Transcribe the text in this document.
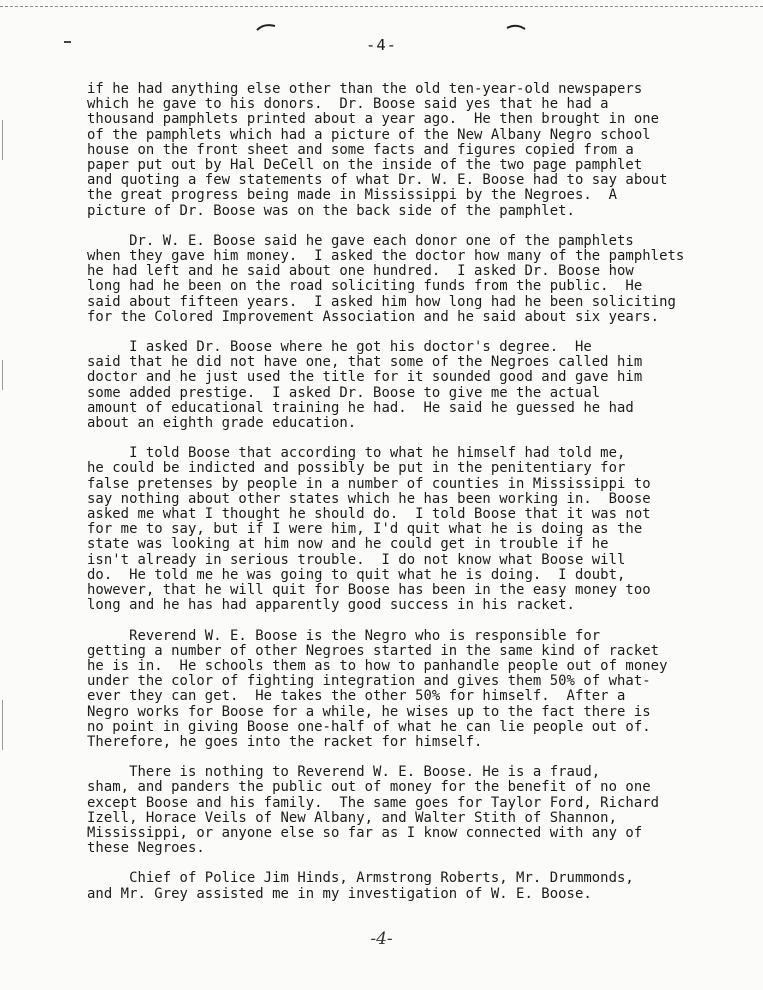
-4-
if he had anything else other than the old ten-year-old newspapers
which he gave to his donors.  Dr. Boose said yes that he had a
thousand pamphlets printed about a year ago.  He then brought in one
of the pamphlets which had a picture of the New Albany Negro school
house on the front sheet and some facts and figures copied from a
paper put out by Hal DeCell on the inside of the two page pamphlet
and quoting a few statements of what Dr. W. E. Boose had to say about
the great progress being made in Mississippi by the Negroes.  A
picture of Dr. Boose was on the back side of the pamphlet.
Dr. W. E. Boose said he gave each donor one of the pamphlets
when they gave him money.  I asked the doctor how many of the pamphlets
he had left and he said about one hundred.  I asked Dr. Boose how
long had he been on the road soliciting funds from the public.  He
said about fifteen years.  I asked him how long had he been soliciting
for the Colored Improvement Association and he said about six years.
I asked Dr. Boose where he got his doctor's degree.  He
said that he did not have one, that some of the Negroes called him
doctor and he just used the title for it sounded good and gave him
some added prestige.  I asked Dr. Boose to give me the actual
amount of educational training he had.  He said he guessed he had
about an eighth grade education.
I told Boose that according to what he himself had told me,
he could be indicted and possibly be put in the penitentiary for
false pretenses by people in a number of counties in Mississippi to
say nothing about other states which he has been working in.  Boose
asked me what I thought he should do.  I told Boose that it was not
for me to say, but if I were him, I'd quit what he is doing as the
state was looking at him now and he could get in trouble if he
isn't already in serious trouble.  I do not know what Boose will
do.  He told me he was going to quit what he is doing.  I doubt,
however, that he will quit for Boose has been in the easy money too
long and he has had apparently good success in his racket.
Reverend W. E. Boose is the Negro who is responsible for
getting a number of other Negroes started in the same kind of racket
he is in.  He schools them as to how to panhandle people out of money
under the color of fighting integration and gives them 50% of what-
ever they can get.  He takes the other 50% for himself.  After a
Negro works for Boose for a while, he wises up to the fact there is
no point in giving Boose one-half of what he can lie people out of.
Therefore, he goes into the racket for himself.
There is nothing to Reverend W. E. Boose. He is a fraud,
sham, and panders the public out of money for the benefit of no one
except Boose and his family.  The same goes for Taylor Ford, Richard
Izell, Horace Veils of New Albany, and Walter Stith of Shannon,
Mississippi, or anyone else so far as I know connected with any of
these Negroes.
Chief of Police Jim Hinds, Armstrong Roberts, Mr. Drummonds,
and Mr. Grey assisted me in my investigation of W. E. Boose.
-4-
